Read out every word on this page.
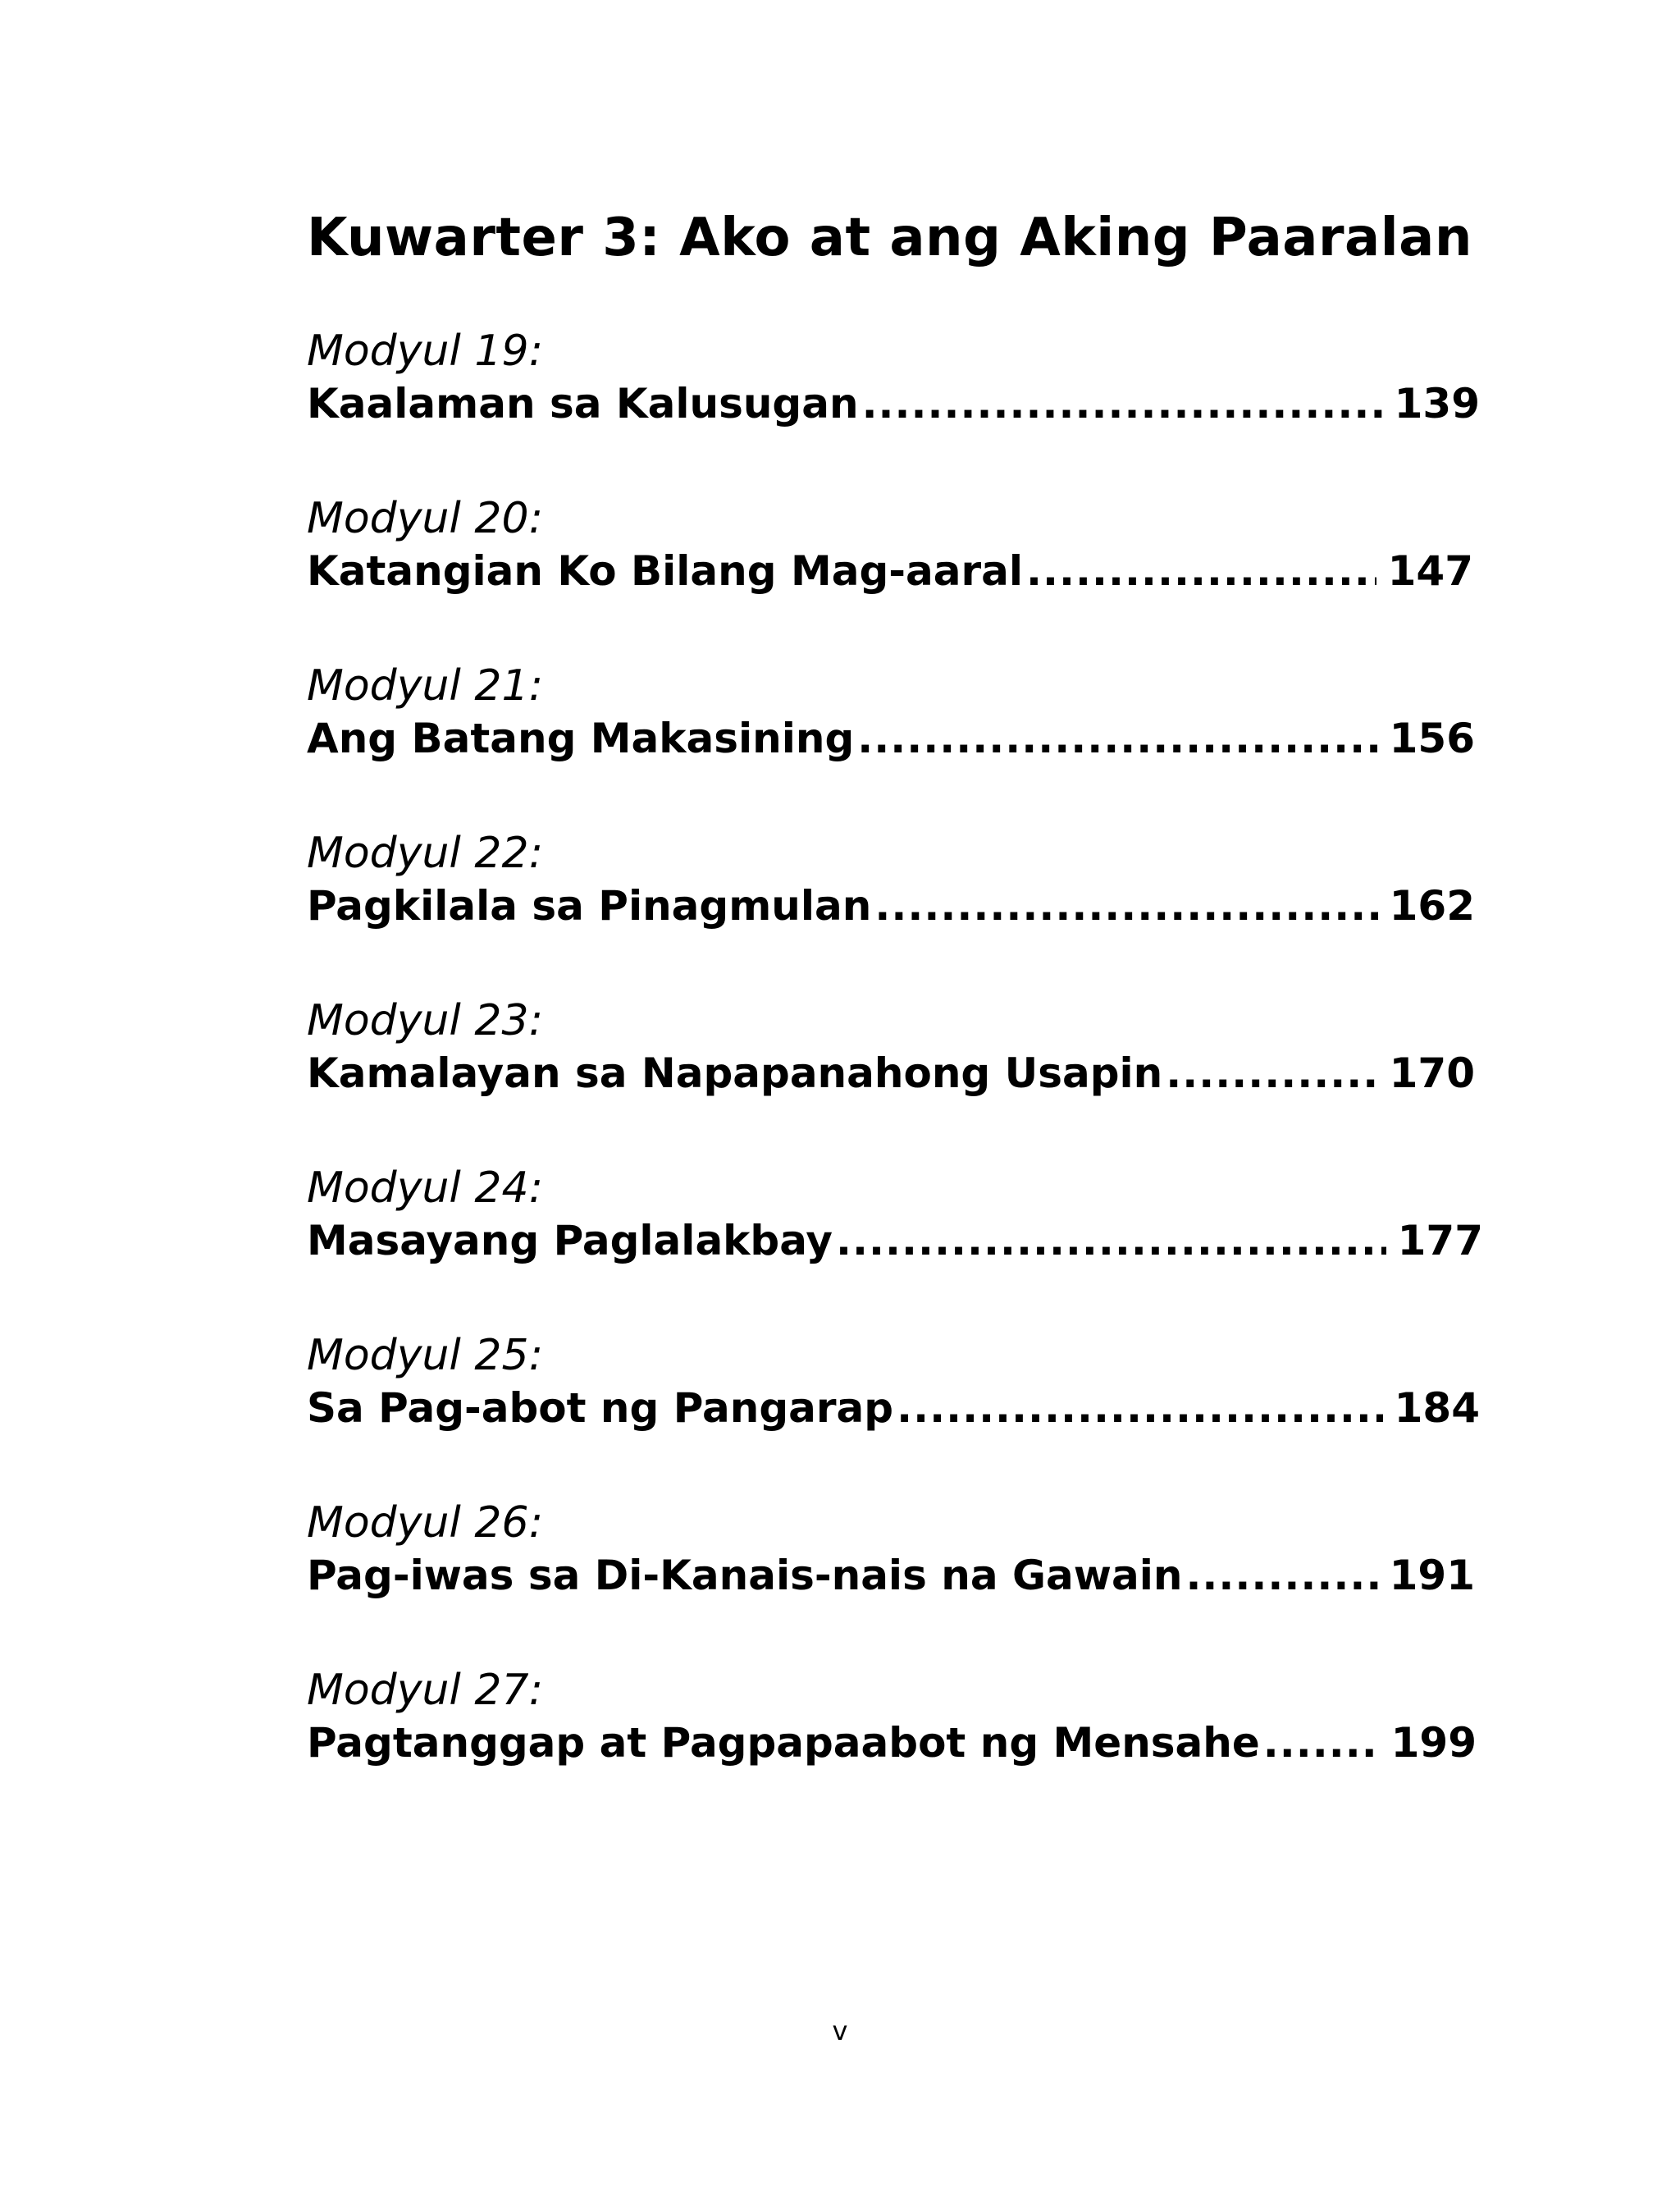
Kuwarter 3: Ako at ang Aking Paaralan
Modyul 19:
Kaalaman sa Kalusugan .....	139
Modyul 20:
Katangian Ko Bilang Mag-aaral .....	147
Modyul 21:
Ang Batang Makasining .....	156
Modyul 22:
Pagkilala sa Pinagmulan .....	162
Modyul 23:
Kamalayan sa Napapanahong Usapin .....	170
Modyul 24:
Masayang Paglalakbay .....	177
Modyul 25:
Sa Pag-abot ng Pangarap .....	184
Modyul 26:
Pag-iwas sa Di-Kanais-nais na Gawain .....	191
Modyul 27:
Pagtanggap at Pagpapaabot ng Mensahe .....	199
v
